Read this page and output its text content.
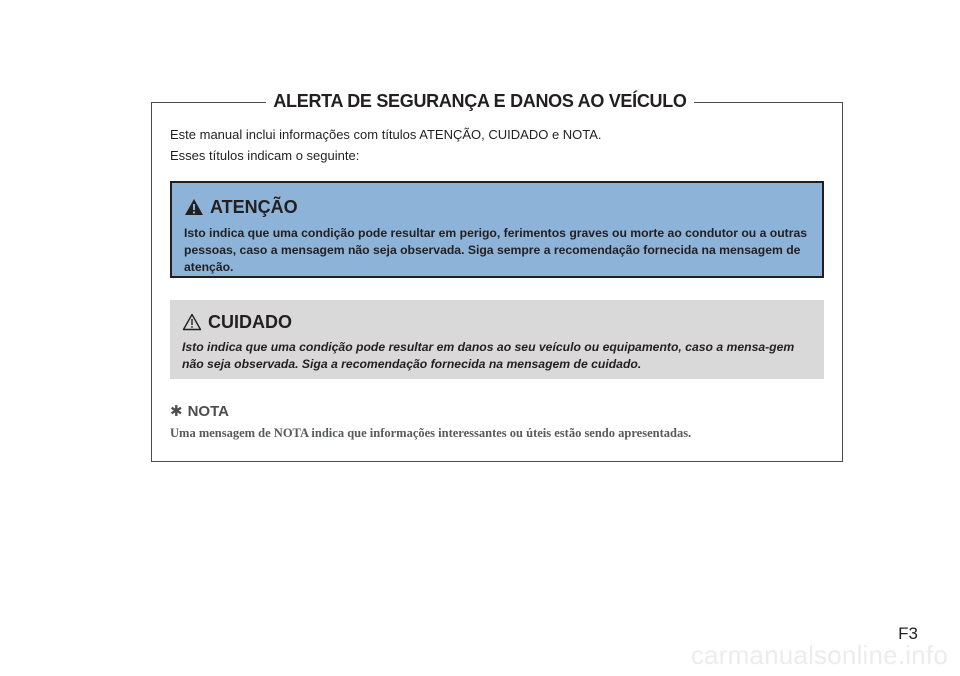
ALERTA DE SEGURANÇA E DANOS AO VEÍCULO
Este manual inclui informações com títulos ATENÇÃO, CUIDADO e NOTA.
Esses títulos indicam o seguinte:
ATENÇÃO
Isto indica que uma condição pode resultar em perigo, ferimentos graves ou morte ao condutor ou a outras pessoas, caso a mensagem não seja observada. Siga sempre a recomendação fornecida na mensagem de atenção.
CUIDADO
Isto indica que uma condição pode resultar em danos ao seu veículo ou equipamento, caso a mensa-gem não seja observada. Siga a recomendação fornecida na mensagem de cuidado.
✱ NOTA
Uma mensagem de NOTA indica que informações interessantes ou úteis estão sendo apresentadas.
F3
carmanualsonline.info
